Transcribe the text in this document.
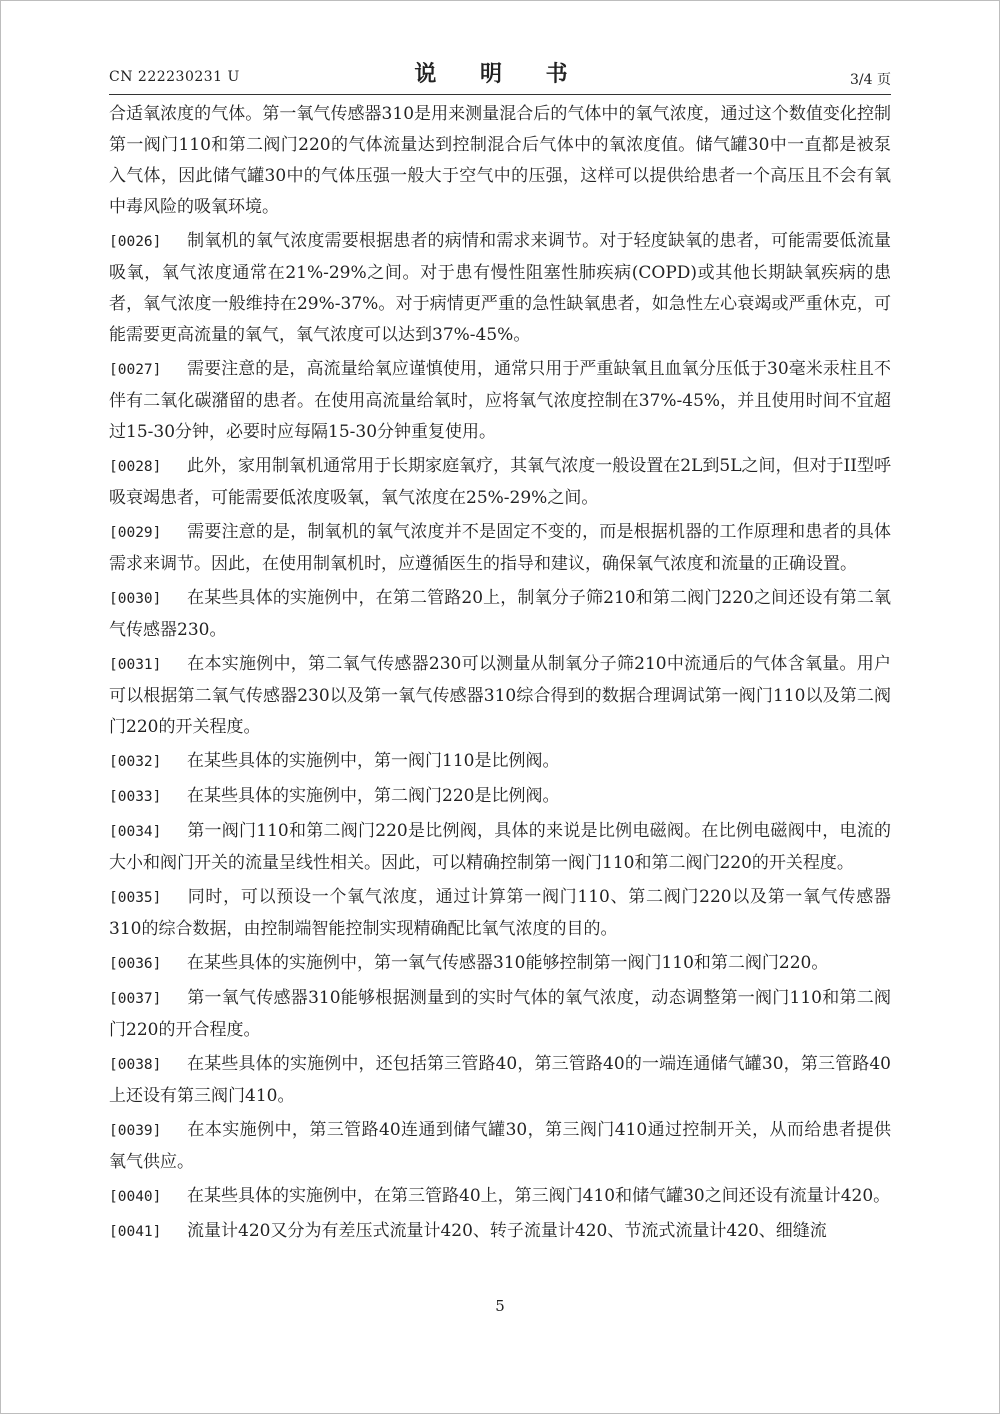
CN 222230231 U	说 明 书	3/4 页

合适氧浓度的气体。第一氧气传感器310是用来测量混合后的气体中的氧气浓度，通过这个数值变化控制第一阀门110和第二阀门220的气体流量达到控制混合后气体中的氧浓度值。储气罐30中一直都是被泵入气体，因此储气罐30中的气体压强一般大于空气中的压强，这样可以提供给患者一个高压且不会有氧中毒风险的吸氧环境。

[0026] 制氧机的氧气浓度需要根据患者的病情和需求来调节。对于轻度缺氧的患者，可能需要低流量吸氧，氧气浓度通常在21%-29%之间。对于患有慢性阻塞性肺疾病(COPD)或其他长期缺氧疾病的患者，氧气浓度一般维持在29%-37%。对于病情更严重的急性缺氧患者，如急性左心衰竭或严重休克，可能需要更高流量的氧气，氧气浓度可以达到37%-45%。

[0027] 需要注意的是，高流量给氧应谨慎使用，通常只用于严重缺氧且血氧分压低于30毫米汞柱且不伴有二氧化碳潴留的患者。在使用高流量给氧时，应将氧气浓度控制在37%-45%，并且使用时间不宜超过15-30分钟，必要时应每隔15-30分钟重复使用。

[0028] 此外，家用制氧机通常用于长期家庭氧疗，其氧气浓度一般设置在2L到5L之间，但对于II型呼吸衰竭患者，可能需要低浓度吸氧，氧气浓度在25%-29%之间。

[0029] 需要注意的是，制氧机的氧气浓度并不是固定不变的，而是根据机器的工作原理和患者的具体需求来调节。因此，在使用制氧机时，应遵循医生的指导和建议，确保氧气浓度和流量的正确设置。

[0030] 在某些具体的实施例中，在第二管路20上，制氧分子筛210和第二阀门220之间还设有第二氧气传感器230。

[0031] 在本实施例中，第二氧气传感器230可以测量从制氧分子筛210中流通后的气体含氧量。用户可以根据第二氧气传感器230以及第一氧气传感器310综合得到的数据合理调试第一阀门110以及第二阀门220的开关程度。

[0032] 在某些具体的实施例中，第一阀门110是比例阀。

[0033] 在某些具体的实施例中，第二阀门220是比例阀。

[0034] 第一阀门110和第二阀门220是比例阀，具体的来说是比例电磁阀。在比例电磁阀中，电流的大小和阀门开关的流量呈线性相关。因此，可以精确控制第一阀门110和第二阀门220的开关程度。

[0035] 同时，可以预设一个氧气浓度，通过计算第一阀门110、第二阀门220以及第一氧气传感器310的综合数据，由控制端智能控制实现精确配比氧气浓度的目的。

[0036] 在某些具体的实施例中，第一氧气传感器310能够控制第一阀门110和第二阀门220。

[0037] 第一氧气传感器310能够根据测量到的实时气体的氧气浓度，动态调整第一阀门110和第二阀门220的开合程度。

[0038] 在某些具体的实施例中，还包括第三管路40，第三管路40的一端连通储气罐30，第三管路40上还设有第三阀门410。

[0039] 在本实施例中，第三管路40连通到储气罐30，第三阀门410通过控制开关，从而给患者提供氧气供应。

[0040] 在某些具体的实施例中，在第三管路40上，第三阀门410和储气罐30之间还设有流量计420。

[0041] 流量计420又分为有差压式流量计420、转子流量计420、节流式流量计420、细缝流

5
